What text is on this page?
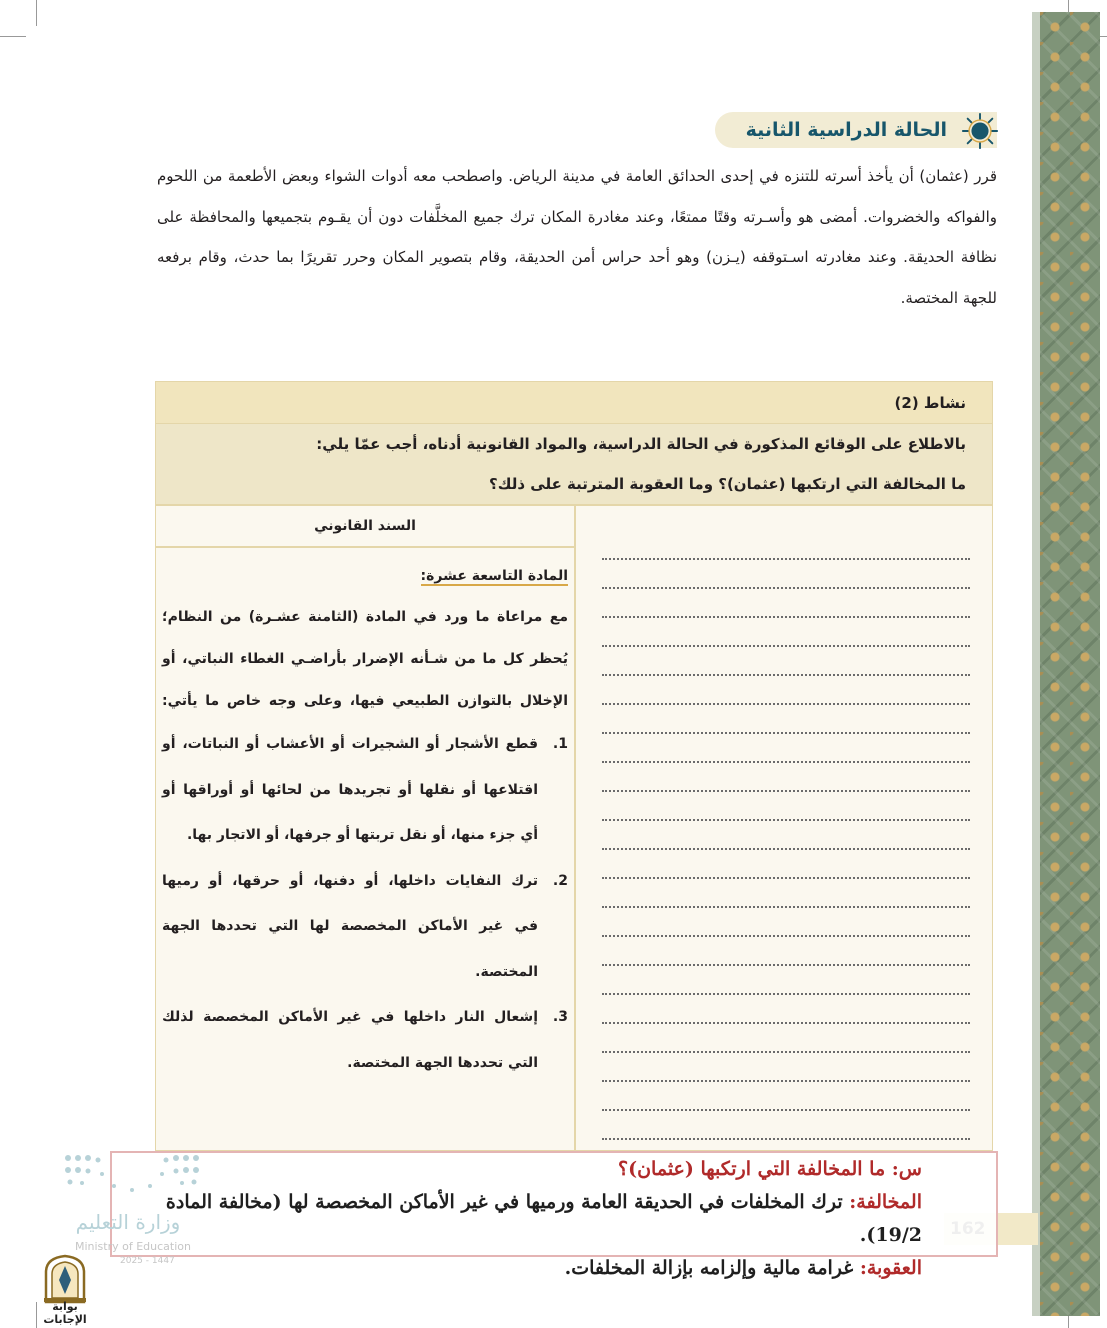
الحالة الدراسية الثانية

قرر (عثمان) أن يأخذ أسرته للتنزه في إحدى الحدائق العامة في مدينة الرياض. واصطحب معه أدوات الشواء وبعض الأطعمة من اللحوم والفواكه والخضروات. أمضى هو وأسـرته وقتًا ممتعًا، وعند مغادرة المكان ترك جميع المخلَّفات دون أن يقـوم بتجميعها والمحافظة على نظافة الحديقة. وعند مغادرته اسـتوقفه (يـزن) وهو أحد حراس أمن الحديقة، وقام بتصوير المكان وحرر تقريرًا بما حدث، وقام برفعه للجهة المختصة.

نشاط (2)

بالاطلاع على الوقائع المذكورة في الحالة الدراسية، والمواد القانونية أدناه، أجب عمّا يلي:

ما المخالفة التي ارتكبها (عثمان)؟ وما العقوبة المترتبة على ذلك؟

السند القانوني

المادة التاسعة عشرة:

مع مراعاة ما ورد في المادة (الثامنة عشـرة) من النظام؛

يُحظر كل ما من شـأنه الإضرار بأراضـي الغطاء النباتي، أو

الإخلال بالتوازن الطبيعي فيها، وعلى وجه خاص ما يأتي:

1.

قطع الأشجار أو الشجيرات أو الأعشاب أو النباتات، أو

اقتلاعها أو نقلها أو تجريدها من لحائها أو أوراقها أو

أي جزء منها، أو نقل تربتها أو جرفها، أو الاتجار بها.

2.

ترك النفايات داخلها، أو دفنها، أو حرقها، أو رميها

في غير الأماكن المخصصة لها التي تحددها الجهة

المختصة.

3.

إشعال النار داخلها في غير الأماكن المخصصة لذلك

التي تحددها الجهة المختصة.

س: ما المخالفة التي ارتكبها (عثمان)؟

المخالفة: ترك المخلفات في الحديقة العامة ورميها في غير الأماكن المخصصة لها (مخالفة المادة 19/2).

العقوبة: غرامة مالية وإلزامه بإزالة المخلفات.

وزارة التعليم
Ministry of Education
2025 - 1447
بوابة الإجابات
